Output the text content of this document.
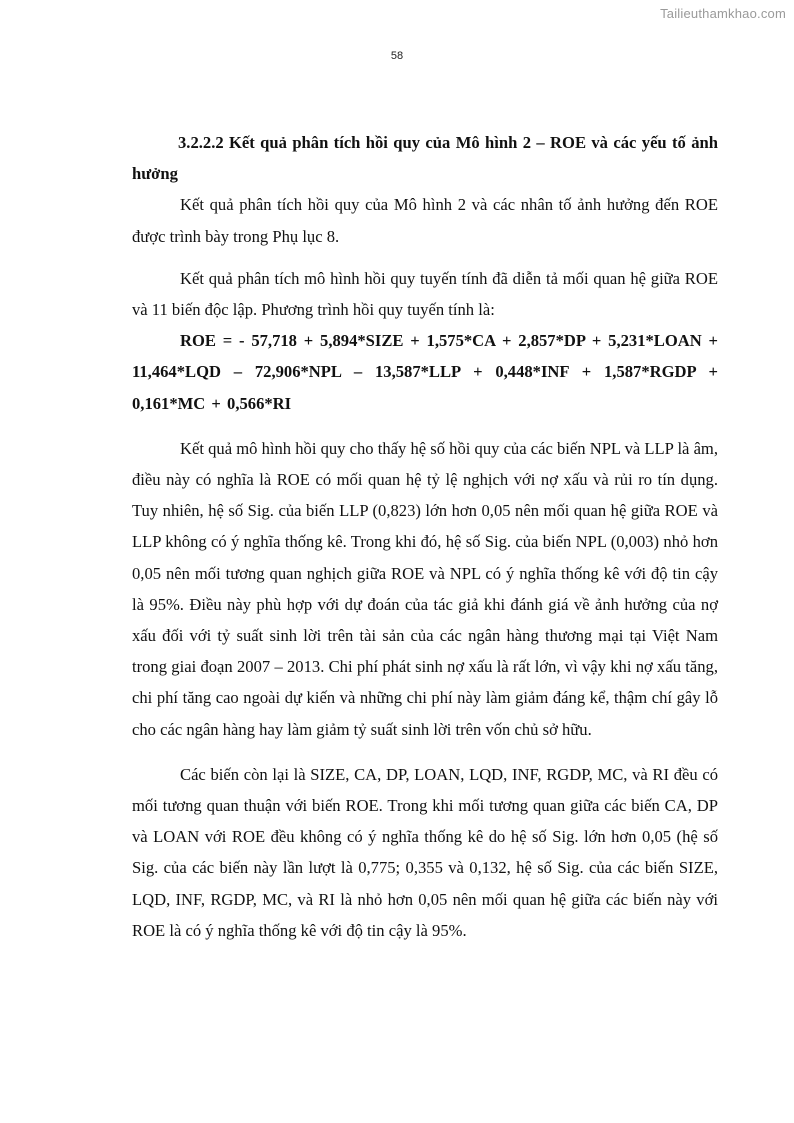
Tailieuthamkhao.com
58

3.2.2.2 Kết quả phân tích hồi quy của Mô hình 2 – ROE và các yếu tố ảnh hưởng

Kết quả phân tích hồi quy của Mô hình 2 và các nhân tố ảnh hưởng đến ROE được trình bày trong Phụ lục 8.

Kết quả phân tích mô hình hồi quy tuyến tính đã diễn tả mối quan hệ giữa ROE và 11 biến độc lập. Phương trình hồi quy tuyến tính là:

ROE = - 57,718 + 5,894*SIZE + 1,575*CA + 2,857*DP + 5,231*LOAN + 11,464*LQD – 72,906*NPL – 13,587*LLP + 0,448*INF + 1,587*RGDP + 0,161*MC + 0,566*RI

Kết quả mô hình hồi quy cho thấy hệ số hồi quy của các biến NPL và LLP là âm, điều này có nghĩa là ROE có mối quan hệ tỷ lệ nghịch với nợ xấu và rủi ro tín dụng. Tuy nhiên, hệ số Sig. của biến LLP (0,823) lớn hơn 0,05 nên mối quan hệ giữa ROE và LLP không có ý nghĩa thống kê. Trong khi đó, hệ số Sig. của biến NPL (0,003) nhỏ hơn 0,05 nên mối tương quan nghịch giữa ROE và NPL có ý nghĩa thống kê với độ tin cậy là 95%. Điều này phù hợp với dự đoán của tác giả khi đánh giá về ảnh hưởng của nợ xấu đối với tỷ suất sinh lời trên tài sản của các ngân hàng thương mại tại Việt Nam trong giai đoạn 2007 – 2013. Chi phí phát sinh nợ xấu là rất lớn, vì vậy khi nợ xấu tăng, chi phí tăng cao ngoài dự kiến và những chi phí này làm giảm đáng kể, thậm chí gây lỗ cho các ngân hàng hay làm giảm tỷ suất sinh lời trên vốn chủ sở hữu.

Các biến còn lại là SIZE, CA, DP, LOAN, LQD, INF, RGDP, MC, và RI đều có mối tương quan thuận với biến ROE. Trong khi mối tương quan giữa các biến CA, DP và LOAN với ROE đều không có ý nghĩa thống kê do hệ số Sig. lớn hơn 0,05 (hệ số Sig. của các biến này lần lượt là 0,775; 0,355 và 0,132, hệ số Sig. của các biến SIZE, LQD, INF, RGDP, MC, và RI là nhỏ hơn 0,05 nên mối quan hệ giữa các biến này với ROE là có ý nghĩa thống kê với độ tin cậy là 95%.
